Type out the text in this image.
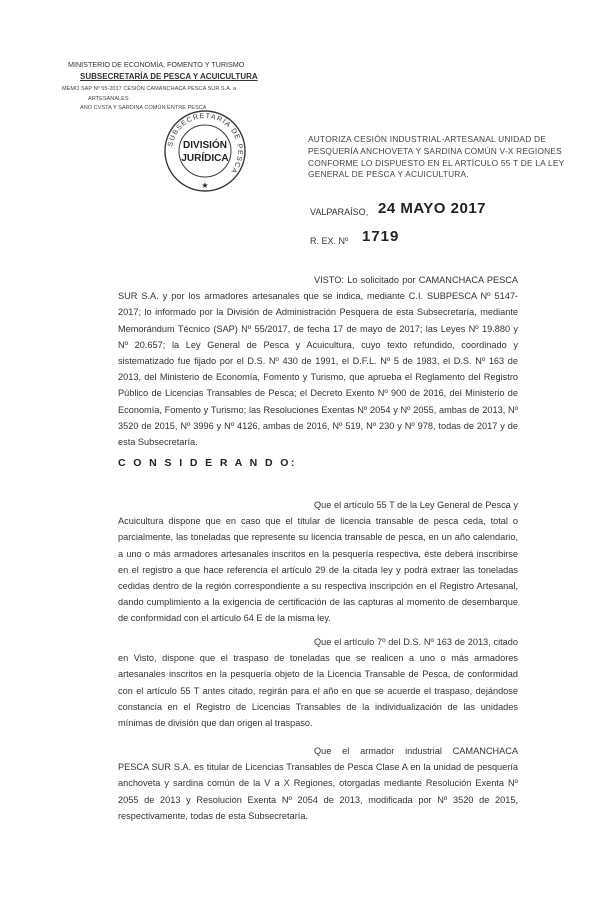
MINISTERIO DE ECONOMÍA, FOMENTO Y TURISMO
SUBSECRETARÍA DE PESCA Y ACUICULTURA
MEMO SAP Nº 55-2017 CESIÓN CAMANCHACA PESCA SUR S.A. a
ARTESANALES
ANO CVSTA Y SARDINA COMÚN ENTRE PESCA
SUBSECRETARÍA DE PESCA
DIVISIÓN
JURÍDICA
★
AUTORIZA CESIÓN INDUSTRIAL-ARTESANAL UNIDAD DE PESQUERÍA ANCHOVETA Y SARDINA COMÚN V-X REGIONES CONFORME LO DISPUESTO EN EL ARTÍCULO 55 T DE LA LEY GENERAL DE PESCA Y ACUICULTURA.
VALPARAÍSO, 24 MAYO 2017
R. EX. Nº 1719
VISTO: Lo solicitado por CAMANCHACA PESCA SUR S.A. y por los armadores artesanales que se indica, mediante C.I. SUBPESCA Nº 5147-2017; lo informado por la División de Administración Pesquera de esta Subsecretaría, mediante Memorándum Técnico (SAP) Nº 55/2017, de fecha 17 de mayo de 2017; las Leyes Nº 19.880 y Nº 20.657; la Ley General de Pesca y Acuicultura, cuyo texto refundido, coordinado y sistematizado fue fijado por el D.S. Nº 430 de 1991, el D.F.L. Nº 5 de 1983, el D.S. Nº 163 de 2013, del Ministerio de Economía, Fomento y Turismo, que aprueba el Reglamento del Registro Público de Licencias Transables de Pesca; el Decreto Exento Nº 900 de 2016, del Ministerio de Economía, Fomento y Turismo; las Resoluciones Exentas Nº 2054 y Nº 2055, ambas de 2013, Nº 3520 de 2015, Nº 3996 y Nº 4126, ambas de 2016, Nº 519, Nº 230 y Nº 978, todas de 2017 y de esta Subsecretaría.
C O N S I D E R A N D O:
Que el artículo 55 T de la Ley General de Pesca y Acuicultura dispone que en caso que el titular de licencia transable de pesca ceda, total o parcialmente, las toneladas que represente su licencia transable de pesca, en un año calendario, a uno o más armadores artesanales inscritos en la pesquería respectiva, éste deberá inscribirse en el registro a que hace referencia el artículo 29 de la citada ley y podrá extraer las toneladas cedidas dentro de la región correspondiente a su respectiva inscripción en el Registro Artesanal, dando cumplimiento a la exigencia de certificación de las capturas al momento de desembarque de conformidad con el artículo 64 E de la misma ley.
Que el artículo 7º del D.S. Nº 163 de 2013, citado en Visto, dispone que el traspaso de toneladas que se realicen a uno o más armadores artesanales inscritos en la pesquería objeto de la Licencia Transable de Pesca, de conformidad con el artículo 55 T antes citado, regirán para el año en que se acuerde el traspaso, dejándose constancia en el Registro de Licencias Transables de la individualización de las unidades mínimas de división que dan origen al traspaso.
Que el armador industrial CAMANCHACA PESCA SUR S.A. es titular de Licencias Transables de Pesca Clase A en la unidad de pesquería anchoveta y sardina común de la V a X Regiones, otorgadas mediante Resolución Exenta Nº 2055 de 2013 y Resolución Exenta Nº 2054 de 2013, modificada por Nº 3520 de 2015, respectivamente, todas de esta Subsecretaría.
